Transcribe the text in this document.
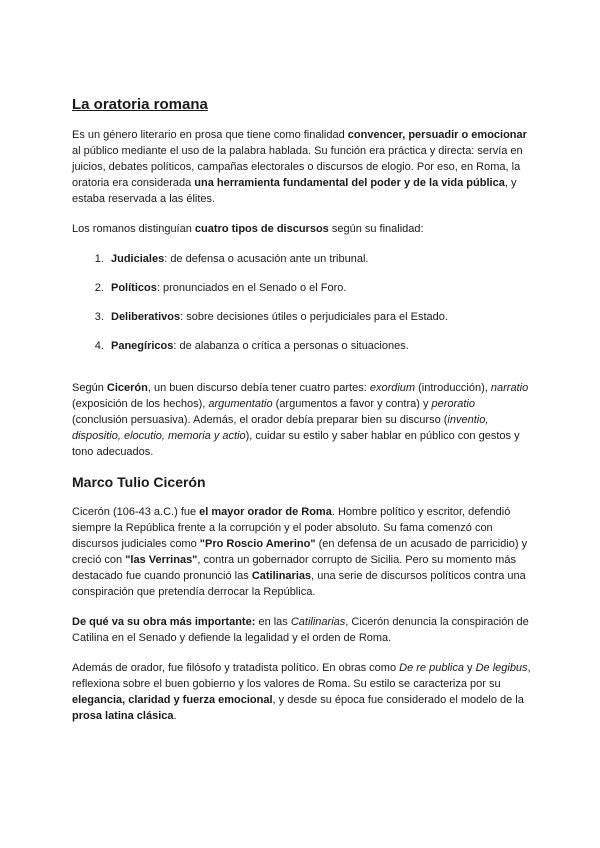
La oratoria romana

Es un género literario en prosa que tiene como finalidad convencer, persuadir o emocionar al público mediante el uso de la palabra hablada. Su función era práctica y directa: servía en juicios, debates políticos, campañas electorales o discursos de elogio. Por eso, en Roma, la oratoria era considerada una herramienta fundamental del poder y de la vida pública, y estaba reservada a las élites.

Los romanos distinguían cuatro tipos de discursos según su finalidad:

1. Judiciales: de defensa o acusación ante un tribunal.
2. Políticos: pronunciados en el Senado o el Foro.
3. Deliberativos: sobre decisiones útiles o perjudiciales para el Estado.
4. Panegíricos: de alabanza o crítica a personas o situaciones.

Según Cicerón, un buen discurso debía tener cuatro partes: exordium (introducción), narratio (exposición de los hechos), argumentatio (argumentos a favor y contra) y peroratio (conclusión persuasiva). Además, el orador debía preparar bien su discurso (inventio, dispositio, elocutio, memoria y actio), cuidar su estilo y saber hablar en público con gestos y tono adecuados.

Marco Tulio Cicerón

Cicerón (106-43 a.C.) fue el mayor orador de Roma. Hombre político y escritor, defendió siempre la República frente a la corrupción y el poder absoluto. Su fama comenzó con discursos judiciales como "Pro Roscio Amerino" (en defensa de un acusado de parricidio) y creció con "las Verrinas", contra un gobernador corrupto de Sicilia. Pero su momento más destacado fue cuando pronunció las Catilinarias, una serie de discursos políticos contra una conspiración que pretendía derrocar la República.

De qué va su obra más importante: en las Catilinarias, Cicerón denuncia la conspiración de Catilina en el Senado y defiende la legalidad y el orden de Roma.

Además de orador, fue filósofo y tratadista político. En obras como De re publica y De legibus, reflexiona sobre el buen gobierno y los valores de Roma. Su estilo se caracteriza por su elegancia, claridad y fuerza emocional, y desde su época fue considerado el modelo de la prosa latina clásica.
